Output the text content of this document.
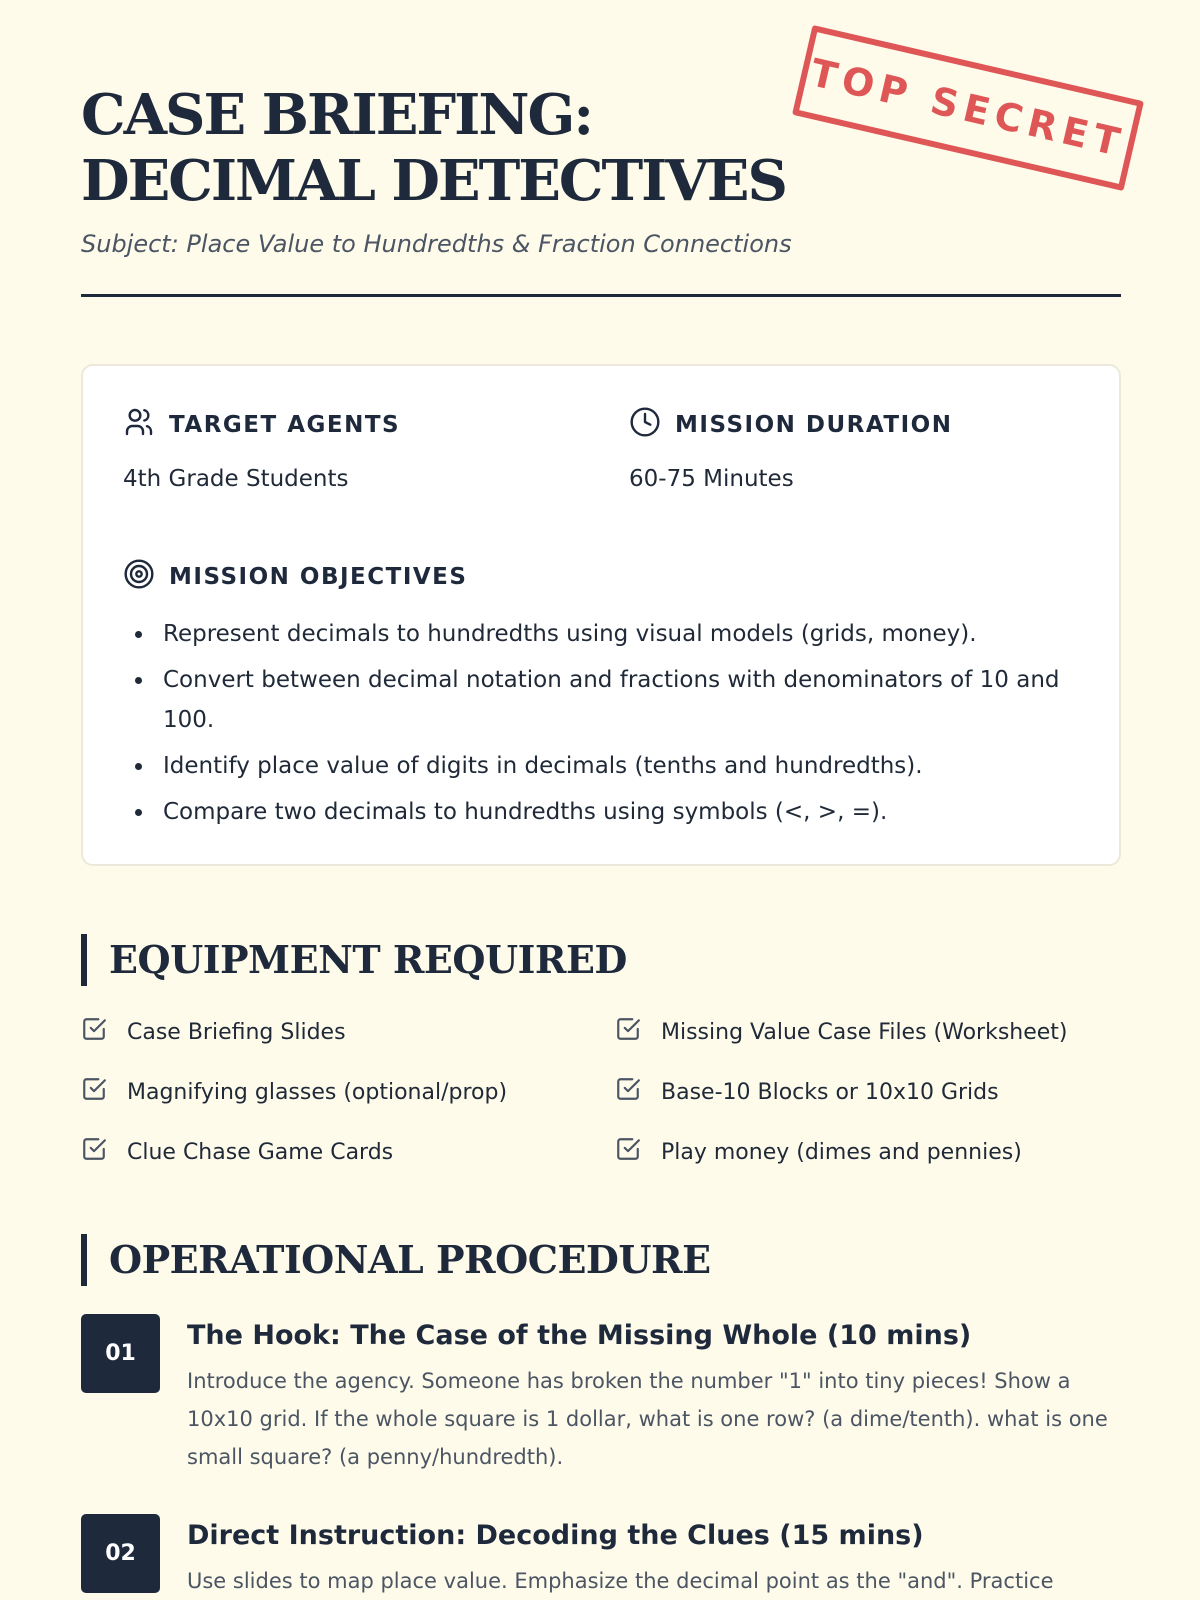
CASE BRIEFING: DECIMAL DETECTIVES
TOP SECRET

Subject: Place Value to Hundredths & Fraction Connections

TARGET AGENTS
4th Grade Students
MISSION DURATION
60-75 Minutes
MISSION OBJECTIVES
Represent decimals to hundredths using visual models (grids, money).
Convert between decimal notation and fractions with denominators of 10 and 100.
Identify place value of digits in decimals (tenths and hundredths).
Compare two decimals to hundredths using symbols (<, >, =).
EQUIPMENT REQUIRED
Case Briefing Slides	Missing Value Case Files (Worksheet)
Magnifying glasses (optional/prop)	Base-10 Blocks or 10x10 Grids
Clue Chase Game Cards	Play money (dimes and pennies)
OPERATIONAL PROCEDURE
01
The Hook: The Case of the Missing Whole (10 mins)
Introduce the agency. Someone has broken the number "1" into tiny pieces! Show a 10x10 grid. If the whole square is 1 dollar, what is one row? (a dime/tenth). what is one small square? (a penny/hundredth).
02
Direct Instruction: Decoding the Clues (15 mins)
Use slides to map place value. Emphasize the decimal point as the "and". Practice
